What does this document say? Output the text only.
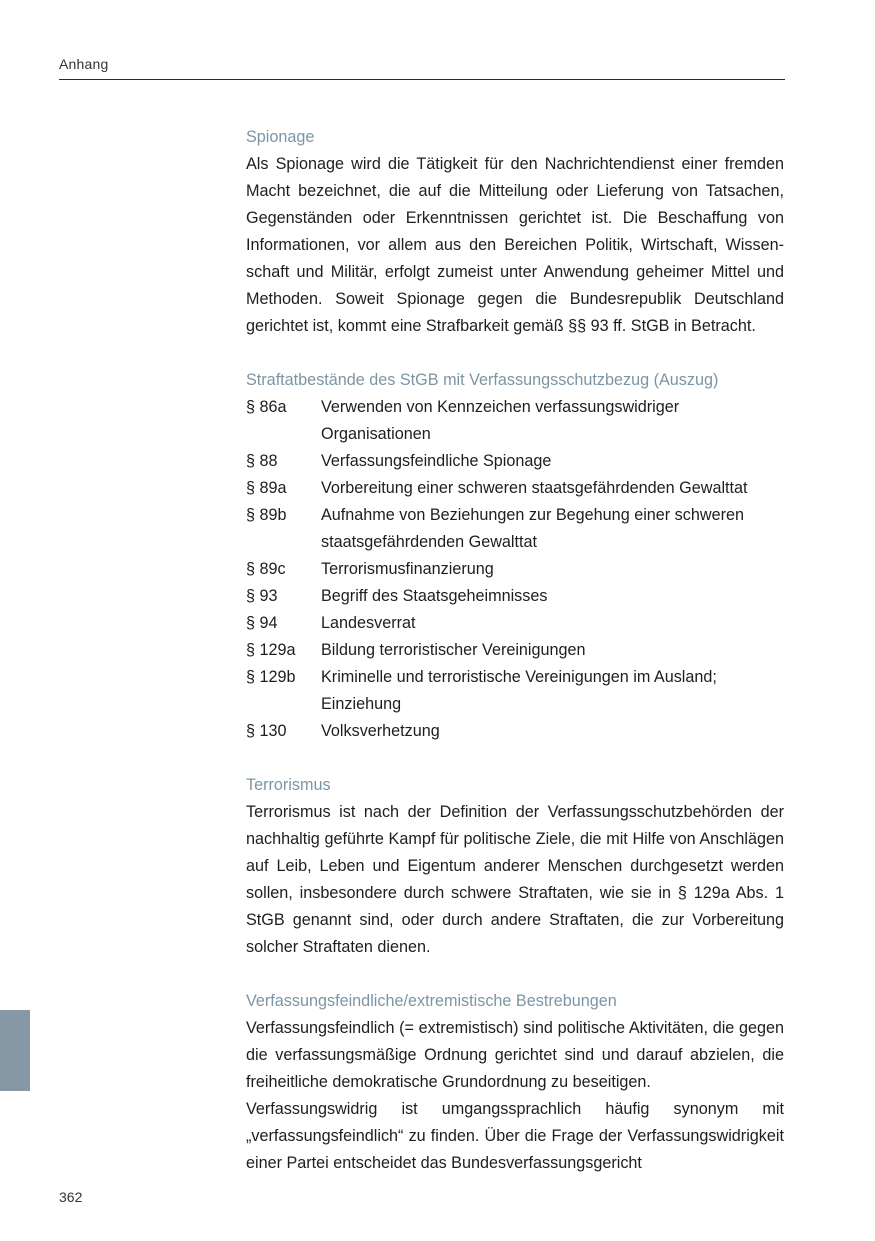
Anhang
Spionage

Als Spionage wird die Tätigkeit für den Nachrichtendienst einer fremden Macht bezeichnet, die auf die Mitteilung oder Lieferung von Tatsachen, Gegenständen oder Erkenntnissen gerichtet ist. Die Beschaffung von Informationen, vor allem aus den Bereichen Politik, Wirtschaft, Wissenschaft und Militär, erfolgt zumeist unter Anwendung geheimer Mittel und Methoden. Soweit Spionage gegen die Bundesrepublik Deutschland gerichtet ist, kommt eine Strafbarkeit gemäß §§ 93 ff. StGB in Betracht.

Straftatbestände des StGB mit Verfassungsschutzbezug (Auszug)
§ 86a	Verwenden von Kennzeichen verfassungswidriger Organisationen
§ 88	Verfassungsfeindliche Spionage
§ 89a	Vorbereitung einer schweren staatsgefährdenden Gewalttat
§ 89b	Aufnahme von Beziehungen zur Begehung einer schweren staatsgefährdenden Gewalttat
§ 89c	Terrorismusfinanzierung
§ 93	Begriff des Staatsgeheimnisses
§ 94	Landesverrat
§ 129a	Bildung terroristischer Vereinigungen
§ 129b	Kriminelle und terroristische Vereinigungen im Ausland; Einziehung
§ 130	Volksverhetzung
Terrorismus

Terrorismus ist nach der Definition der Verfassungsschutzbehörden der nachhaltig geführte Kampf für politische Ziele, die mit Hilfe von Anschlägen auf Leib, Leben und Eigentum anderer Menschen durchgesetzt werden sollen, insbesondere durch schwere Straftaten, wie sie in § 129a Abs. 1 StGB genannt sind, oder durch andere Straftaten, die zur Vorbereitung solcher Straftaten dienen.

Verfassungsfeindliche/extremistische Bestrebungen

Verfassungsfeindlich (= extremistisch) sind politische Aktivitäten, die gegen die verfassungsmäßige Ordnung gerichtet sind und darauf abzielen, die freiheitliche demokratische Grundordnung zu beseitigen.

Verfassungswidrig ist umgangssprachlich häufig synonym mit „verfassungsfeindlich“ zu finden. Über die Frage der Verfassungswidrigkeit einer Partei entscheidet das Bundesverfassungsgericht

362
